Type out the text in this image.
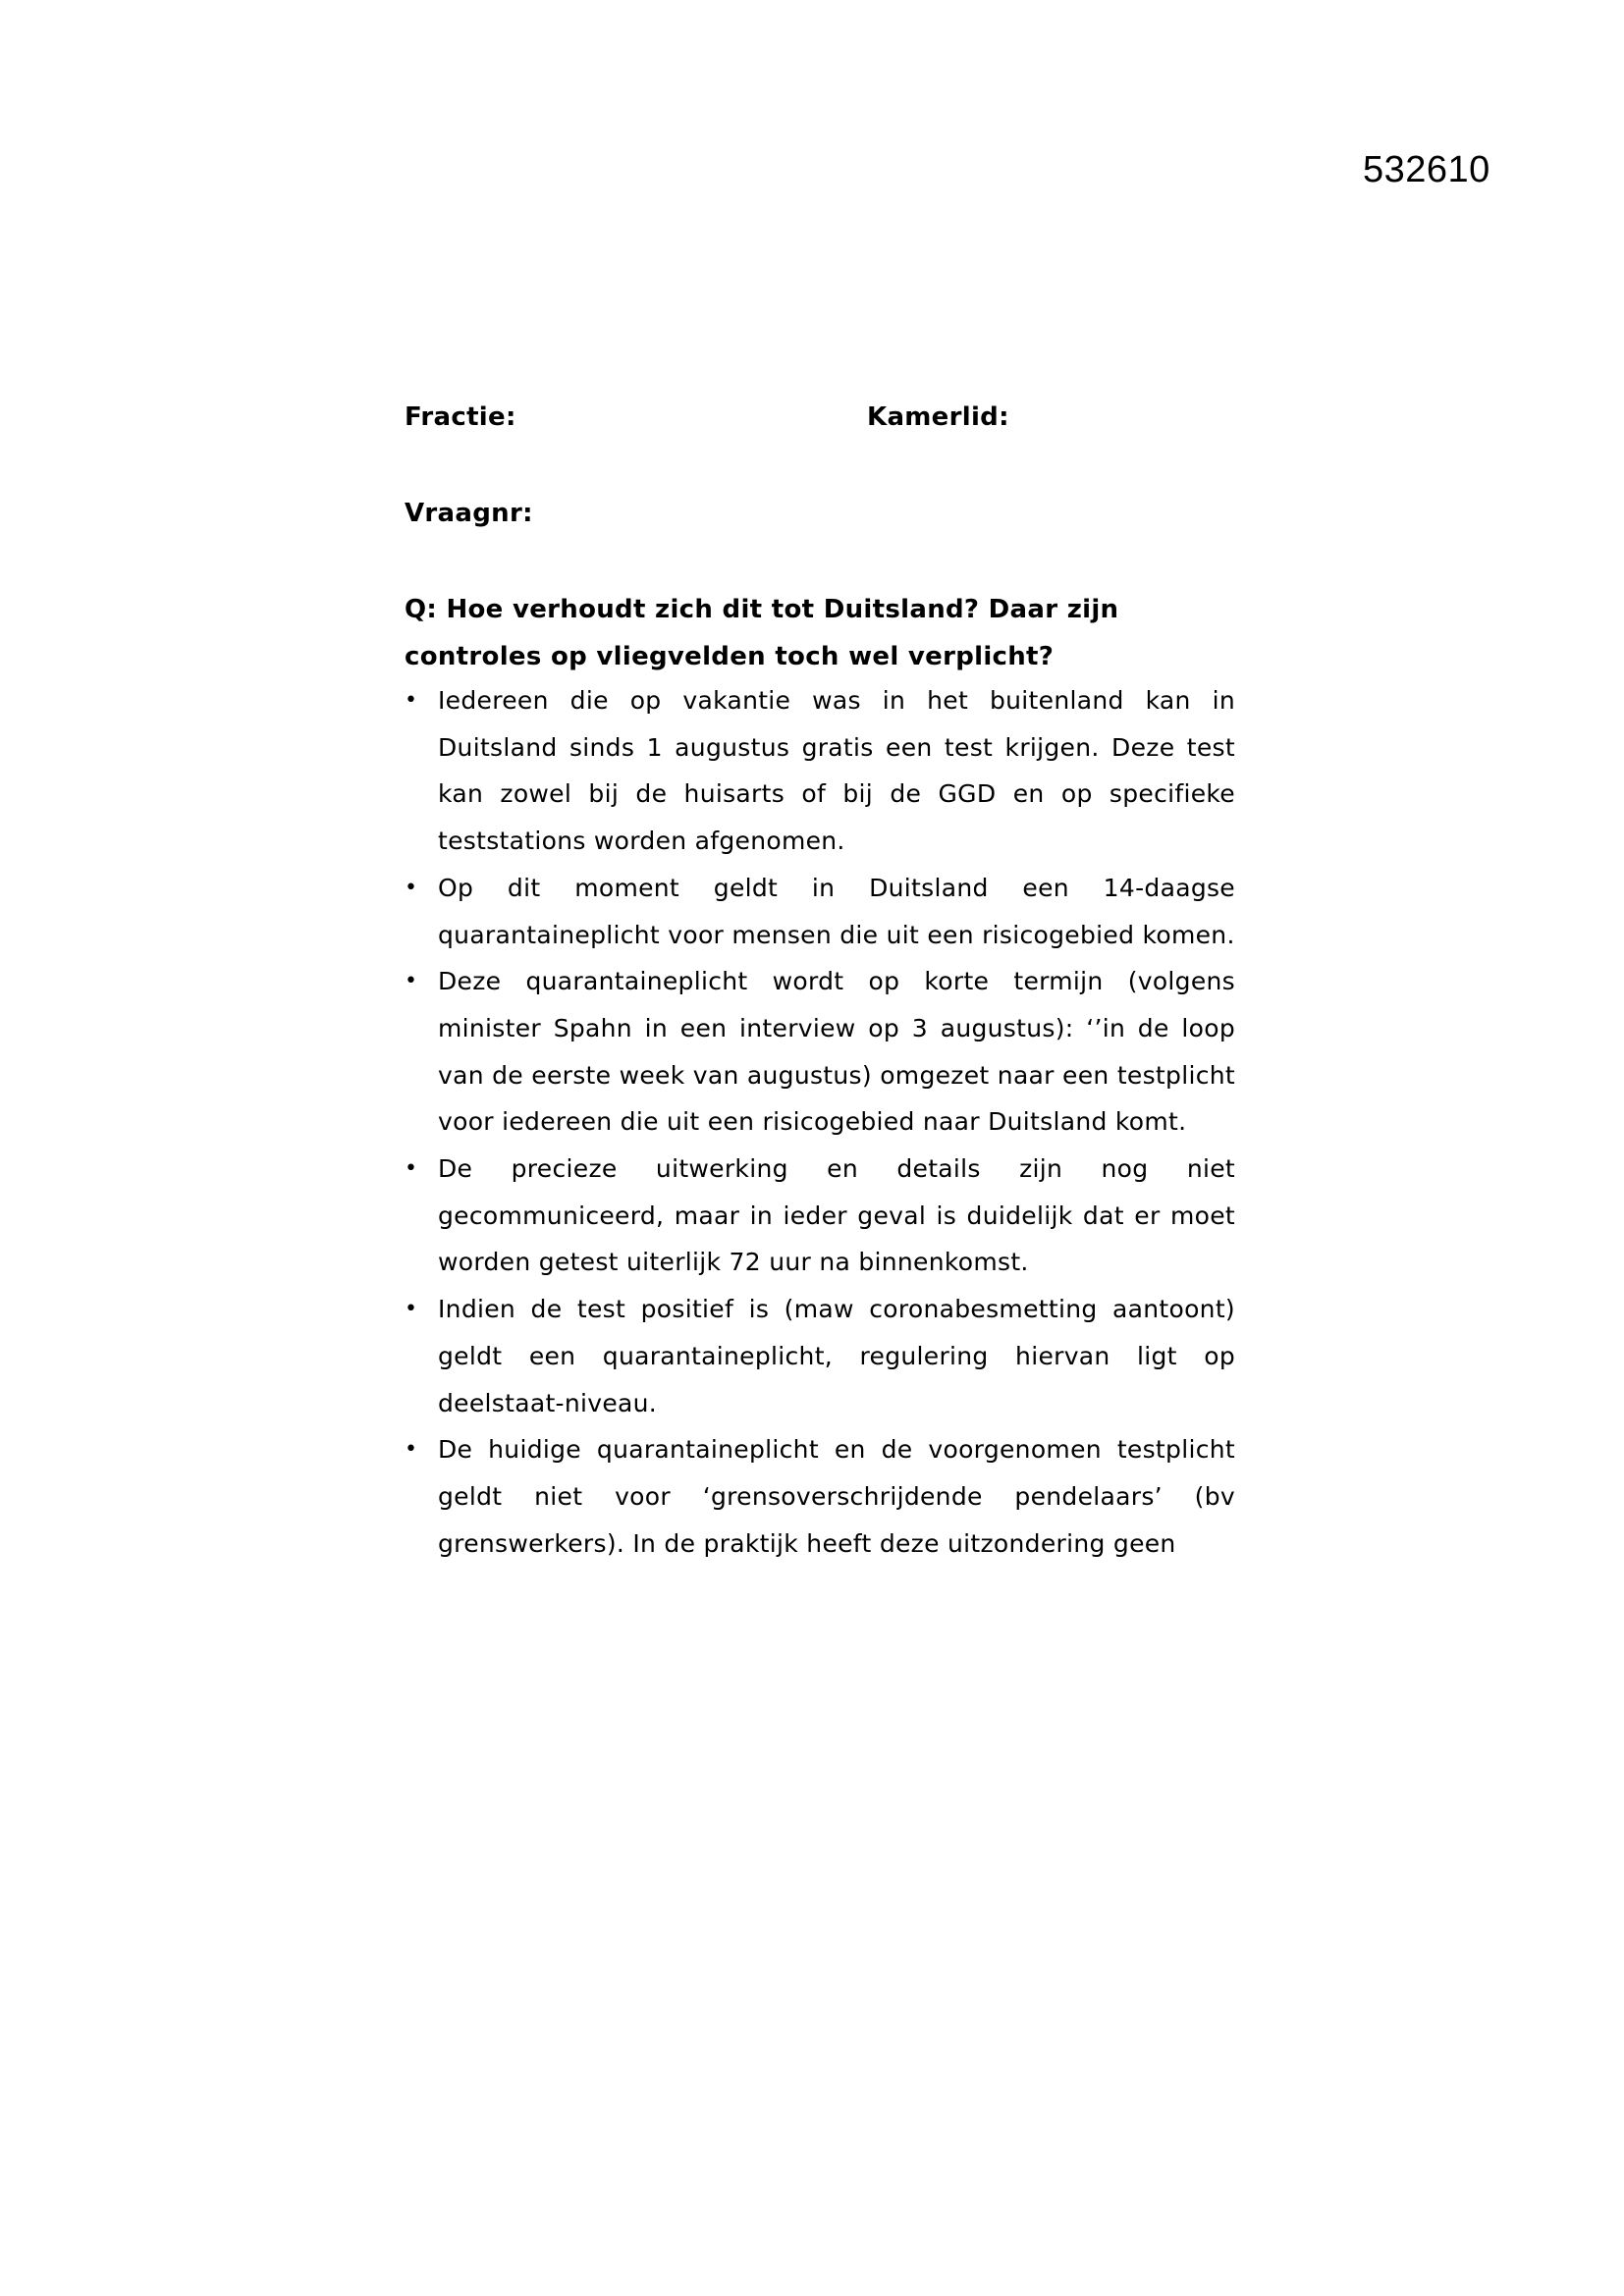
532610
Fractie:	Kamerlid:
Vraagnr:

Q: Hoe verhoudt zich dit tot Duitsland? Daar zijn controles op vliegvelden toch wel verplicht?

• Iedereen die op vakantie was in het buitenland kan in Duitsland sinds 1 augustus gratis een test krijgen. Deze test kan zowel bij de huisarts of bij de GGD en op specifieke teststations worden afgenomen.
• Op dit moment geldt in Duitsland een 14-daagse quarantaineplicht voor mensen die uit een risicogebied komen.
• Deze quarantaineplicht wordt op korte termijn (volgens minister Spahn in een interview op 3 augustus): ‘’in de loop van de eerste week van augustus) omgezet naar een testplicht voor iedereen die uit een risicogebied naar Duitsland komt.
• De precieze uitwerking en details zijn nog niet gecommuniceerd, maar in ieder geval is duidelijk dat er moet worden getest uiterlijk 72 uur na binnenkomst.
• Indien de test positief is (maw coronabesmetting aantoont) geldt een quarantaineplicht, regulering hiervan ligt op deelstaat-niveau.
• De huidige quarantaineplicht en de voorgenomen testplicht geldt niet voor ‘grensoverschrijdende pendelaars’ (bv grenswerkers). In de praktijk heeft deze uitzondering geen
